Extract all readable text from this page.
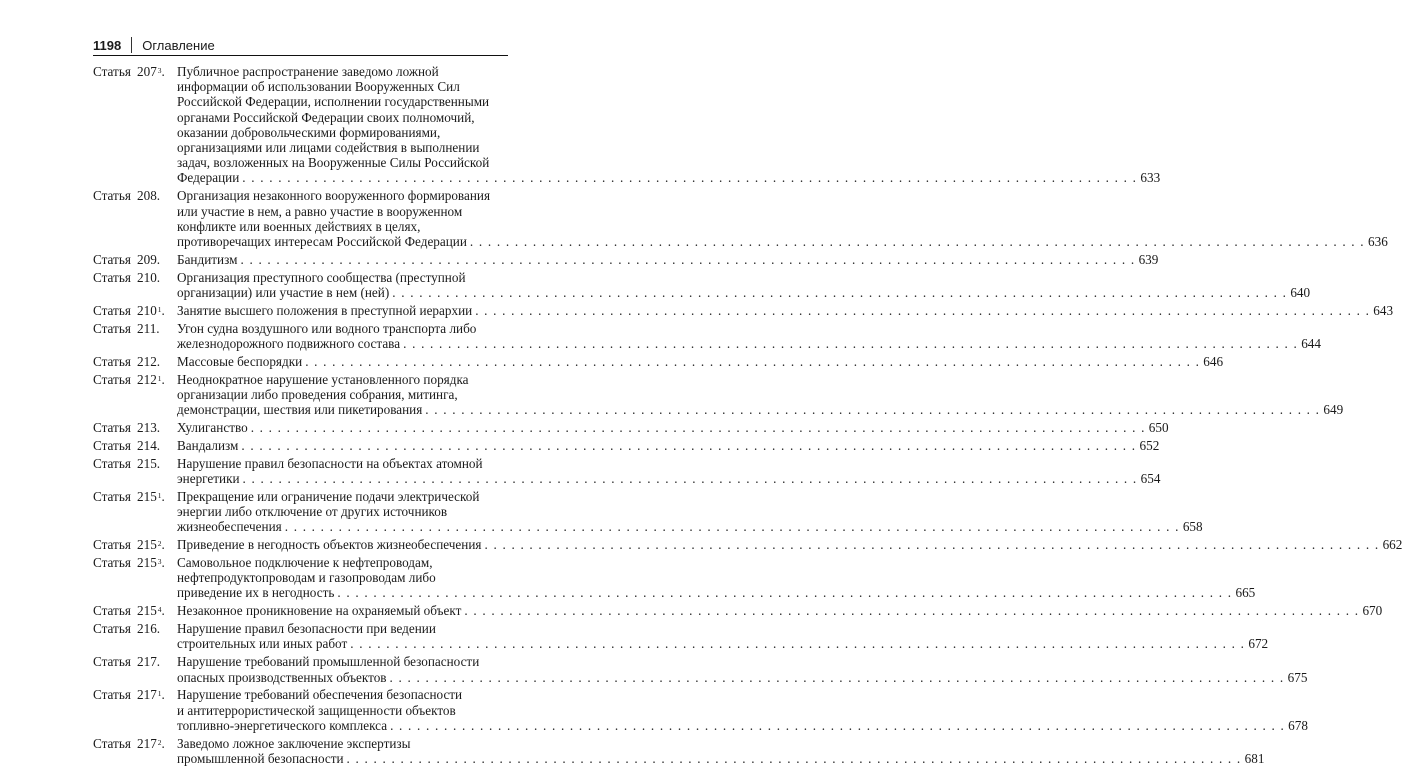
1198 Оглавление
Статья $207^3$. Публичное распространение заведомо ложной
информации об использовании Вооруженных Сил
Российской Федерации, исполнении государственными
органами Российской Федерации своих полномочий,
оказании добровольческими формированиями,
организациями или лицами содействия в выполнении
задач, возложенных на Вооруженные Силы Российской
Федерации . . .	633
Статья 208.	Организация незаконного вооруженного формирования
или участие в нем, а равно участие в вооруженном
конфликте или военных действиях в целях,
противоречащих интересам Российской Федерации . . .	636
Статья 209.	Бандитизм . . .	639
Статья 210.	Организация преступного сообщества (преступной
организации) или участие в нем (ней) . . .	640
Статья $210^1$. Занятие высшего положения в преступной иерархии . . .	643
Статья 211.	Угон судна воздушного или водного транспорта либо
железнодорожного подвижного состава . . .	644
Статья 212.	Массовые беспорядки . . .	646
Статья $212^1$. Неоднократное нарушение установленного порядка
организации либо проведения собрания, митинга,
демонстрации, шествия или пикетирования . . .	649
Статья 213.	Хулиганство . . .	650
Статья 214.	Вандализм . . .	652
Статья 215.	Нарушение правил безопасности на объектах атомной
энергетики . . .	654
Статья $215^1$. Прекращение или ограничение подачи электрической
энергии либо отключение от других источников
жизнеобеспечения . . .	658
Статья $215^2$. Приведение в негодность объектов жизнеобеспечения . . .	662
Статья $215^3$. Самовольное подключение к нефтепроводам,
нефтепродуктопроводам и газопроводам либо
приведение их в негодность . . .	665
Статья $215^4$. Незаконное проникновение на охраняемый объект . . .	670
Статья 216.	Нарушение правил безопасности при ведении
строительных или иных работ . . .	672
Статья 217.	Нарушение требований промышленной безопасности
опасных производственных объектов . . .	675
Статья $217^1$. Нарушение требований обеспечения безопасности
и антитеррористической защищенности объектов
топливно-энергетического комплекса . . .	678
Статья $217^2$. Заведомо ложное заключение экспертизы
промышленной безопасности . . .	681
